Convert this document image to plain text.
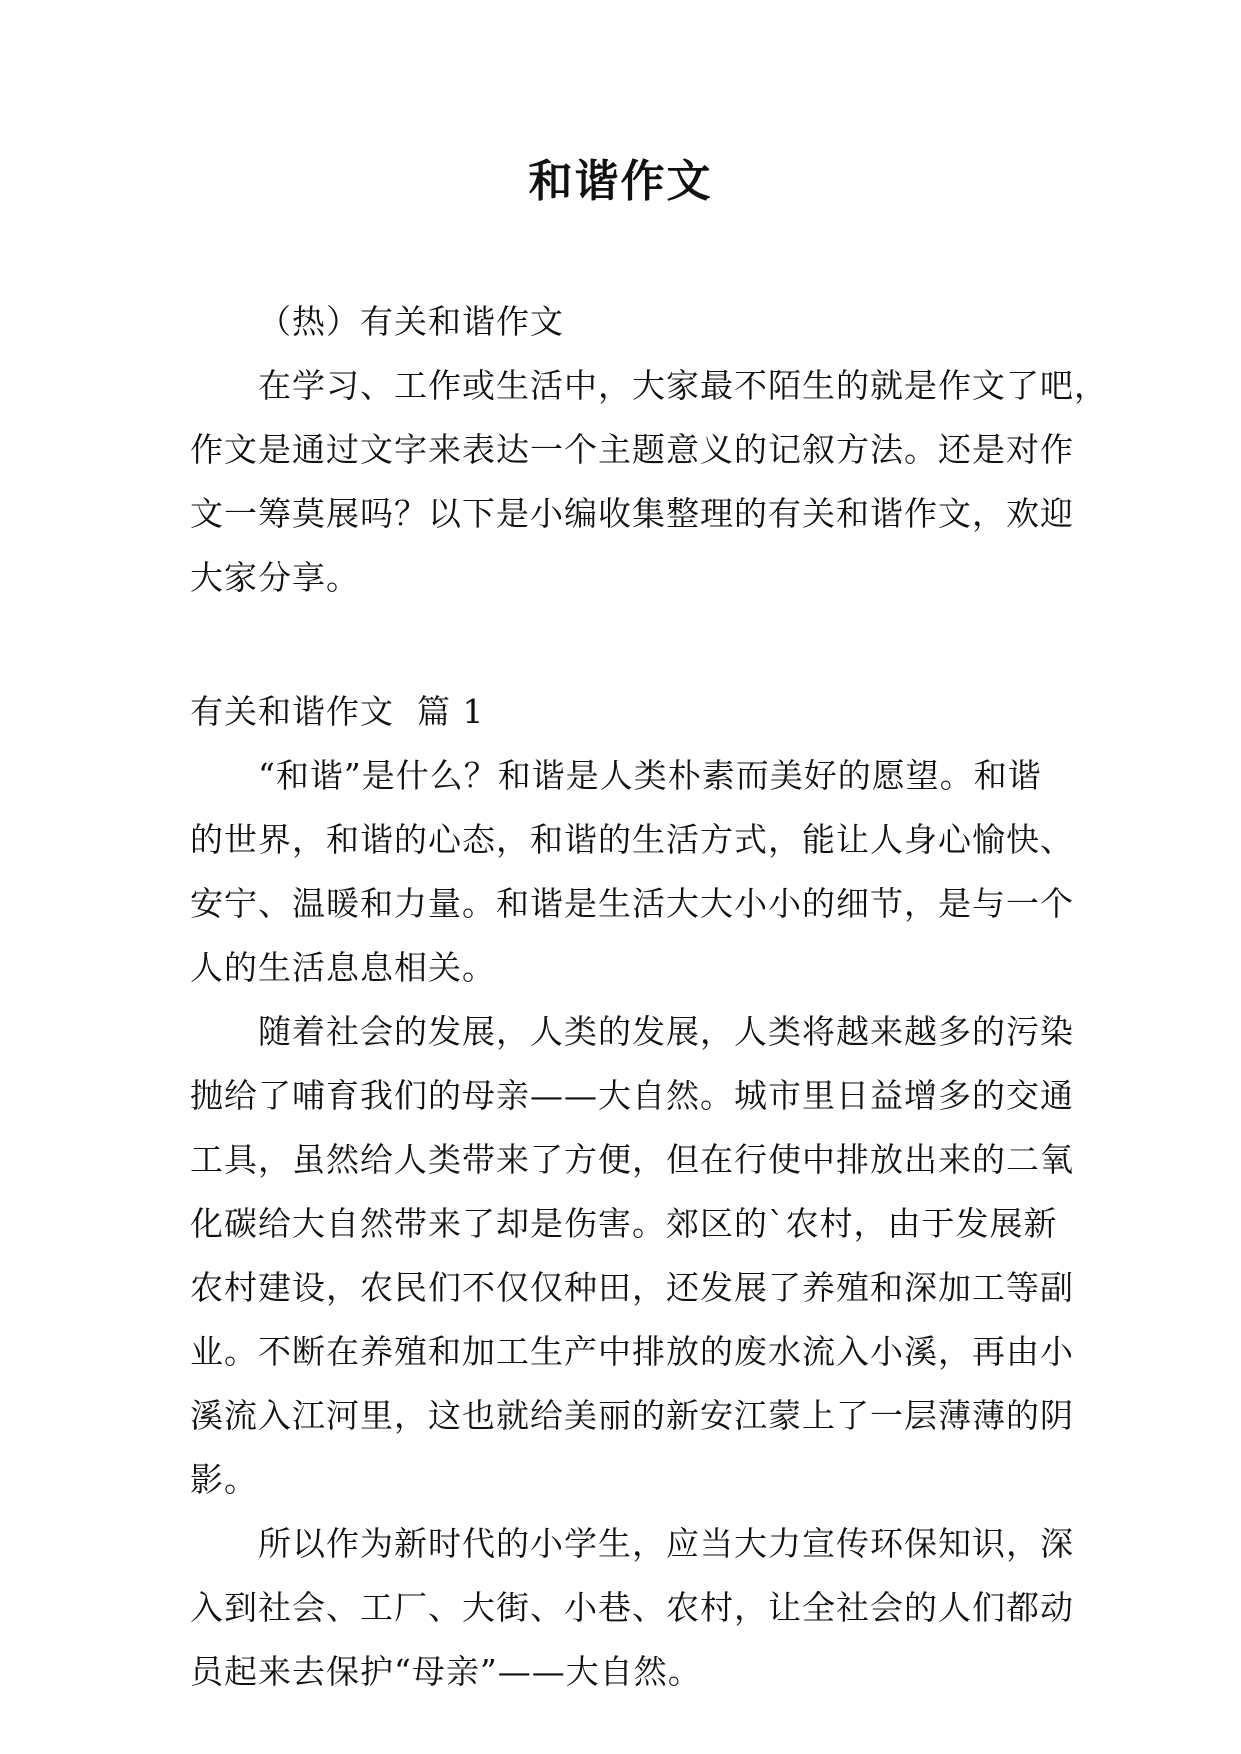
和谐作文
（热）有关和谐作文
在学习、工作或生活中，大家最不陌生的就是作文了吧，
作文是通过文字来表达一个主题意义的记叙方法。还是对作
文一筹莫展吗？以下是小编收集整理的有关和谐作文，欢迎
大家分享。
有关和谐作文  篇 1
“和谐”是什么？和谐是人类朴素而美好的愿望。和谐
的世界，和谐的心态，和谐的生活方式，能让人身心愉快、
安宁、温暖和力量。和谐是生活大大小小的细节，是与一个
人的生活息息相关。
随着社会的发展，人类的发展，人类将越来越多的污染
抛给了哺育我们的母亲——大自然。城市里日益增多的交通
工具，虽然给人类带来了方便，但在行使中排放出来的二氧
化碳给大自然带来了却是伤害。郊区的`农村，由于发展新
农村建设，农民们不仅仅种田，还发展了养殖和深加工等副
业。不断在养殖和加工生产中排放的废水流入小溪，再由小
溪流入江河里，这也就给美丽的新安江蒙上了一层薄薄的阴
影。
所以作为新时代的小学生，应当大力宣传环保知识，深
入到社会、工厂、大街、小巷、农村，让全社会的人们都动
员起来去保护“母亲”——大自然。
